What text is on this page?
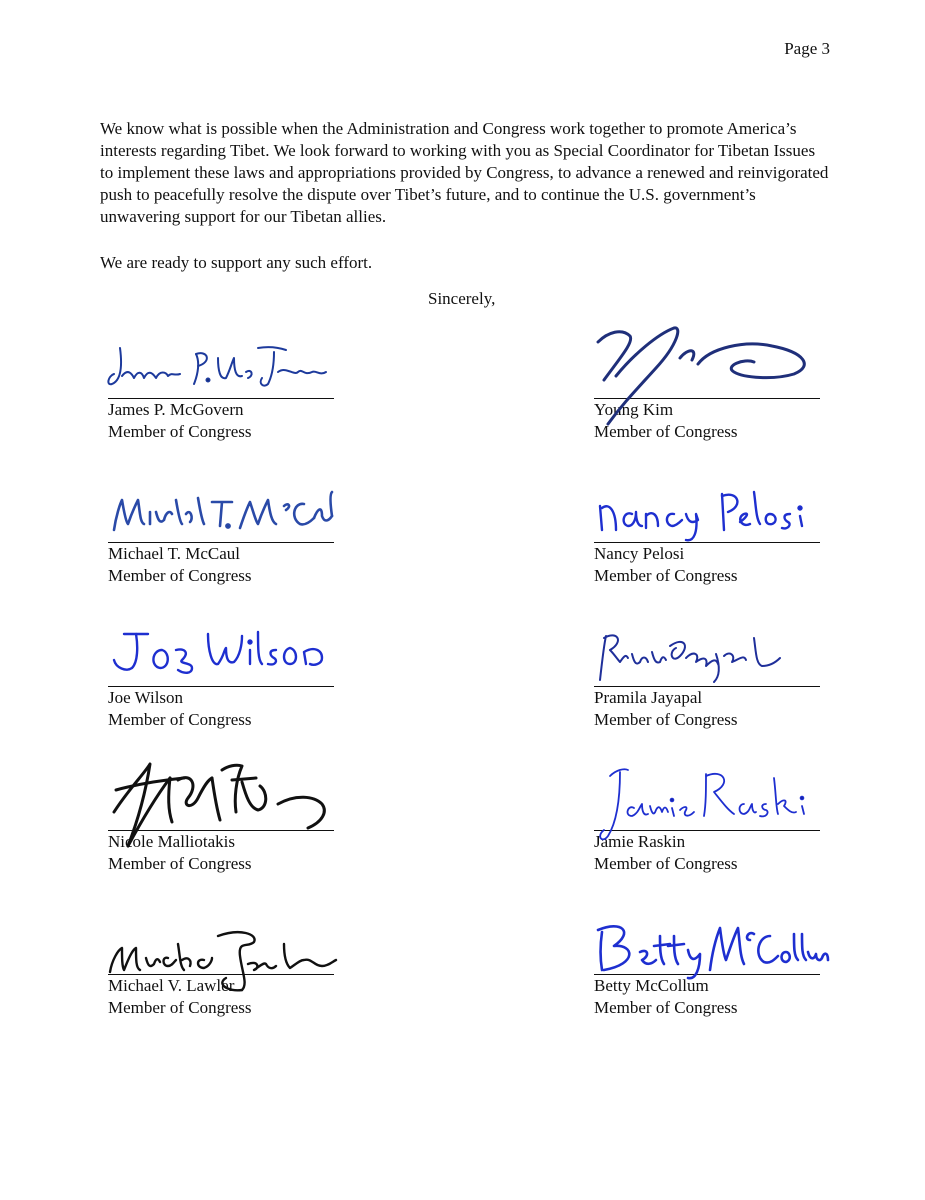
Page 3

We know what is possible when the Administration and Congress work together to promote America’s interests regarding Tibet. We look forward to working with you as Special Coordinator for Tibetan Issues to implement these laws and appropriations provided by Congress, to advance a renewed and reinvigorated push to peacefully resolve the dispute over Tibet’s future, and to continue the U.S. government’s unwavering support for our Tibetan allies.

We are ready to support any such effort.

Sincerely,
James P. McGovern
Member of Congress
Young Kim
Member of Congress
Michael T. McCaul
Member of Congress
Nancy Pelosi
Member of Congress
Joe Wilson
Member of Congress
Pramila Jayapal
Member of Congress
Nicole Malliotakis
Member of Congress
Jamie Raskin
Member of Congress
Michael V. Lawler
Member of Congress
Betty McCollum
Member of Congress
